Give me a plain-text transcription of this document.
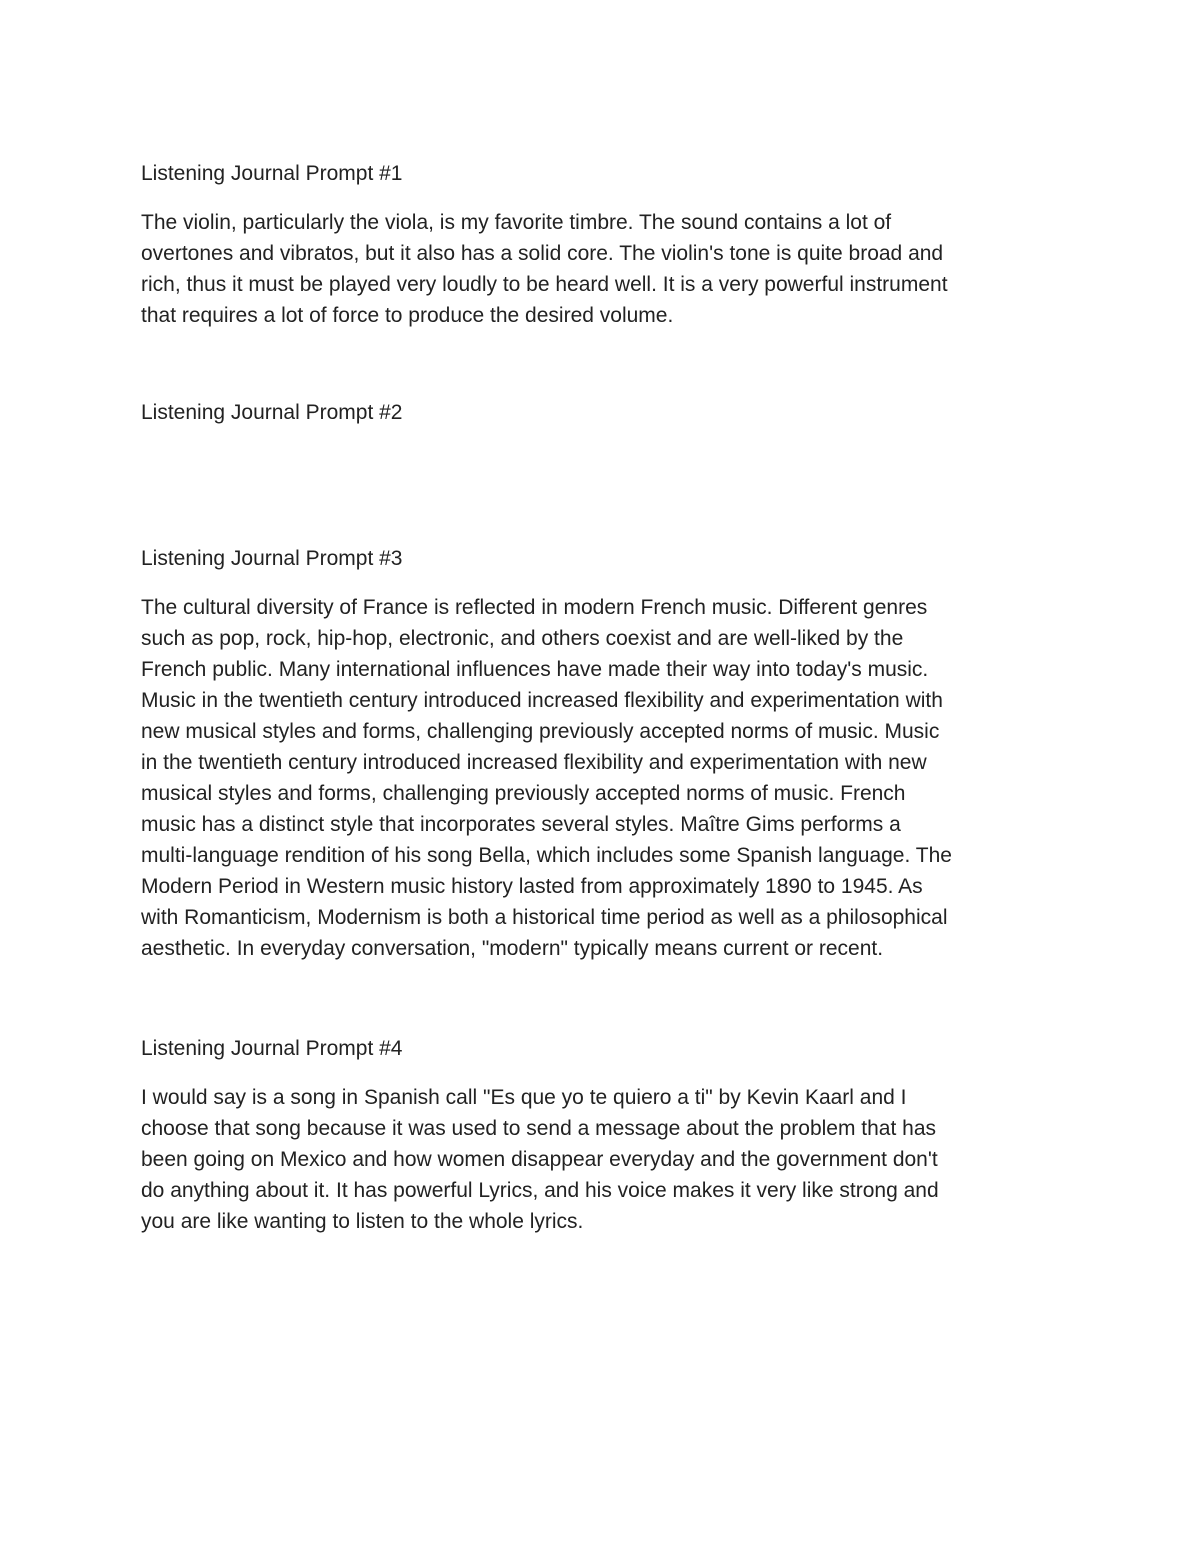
Listening Journal Prompt #1

The violin, particularly the viola, is my favorite timbre. The sound contains a lot of

overtones and vibratos, but it also has a solid core. The violin's tone is quite broad and

rich, thus it must be played very loudly to be heard well. It is a very powerful instrument

that requires a lot of force to produce the desired volume.

Listening Journal Prompt #2

Listening Journal Prompt #3

The cultural diversity of France is reflected in modern French music. Different genres

such as pop, rock, hip-hop, electronic, and others coexist and are well-liked by the

French public. Many international influences have made their way into today's music.

Music in the twentieth century introduced increased flexibility and experimentation with

new musical styles and forms, challenging previously accepted norms of music. Music

in the twentieth century introduced increased flexibility and experimentation with new

musical styles and forms, challenging previously accepted norms of music. French

music has a distinct style that incorporates several styles. Maître Gims performs a

multi-language rendition of his song Bella, which includes some Spanish language. The

Modern Period in Western music history lasted from approximately 1890 to 1945. As

with Romanticism, Modernism is both a historical time period as well as a philosophical

aesthetic. In everyday conversation, "modern" typically means current or recent.

Listening Journal Prompt #4

I would say is a song in Spanish call "Es que yo te quiero a ti" by Kevin Kaarl and I

choose that song because it was used to send a message about the problem that has

been going on Mexico and how women disappear everyday and the government don't

do anything about it. It has powerful Lyrics, and his voice makes it very like strong and

you are like wanting to listen to the whole lyrics.
